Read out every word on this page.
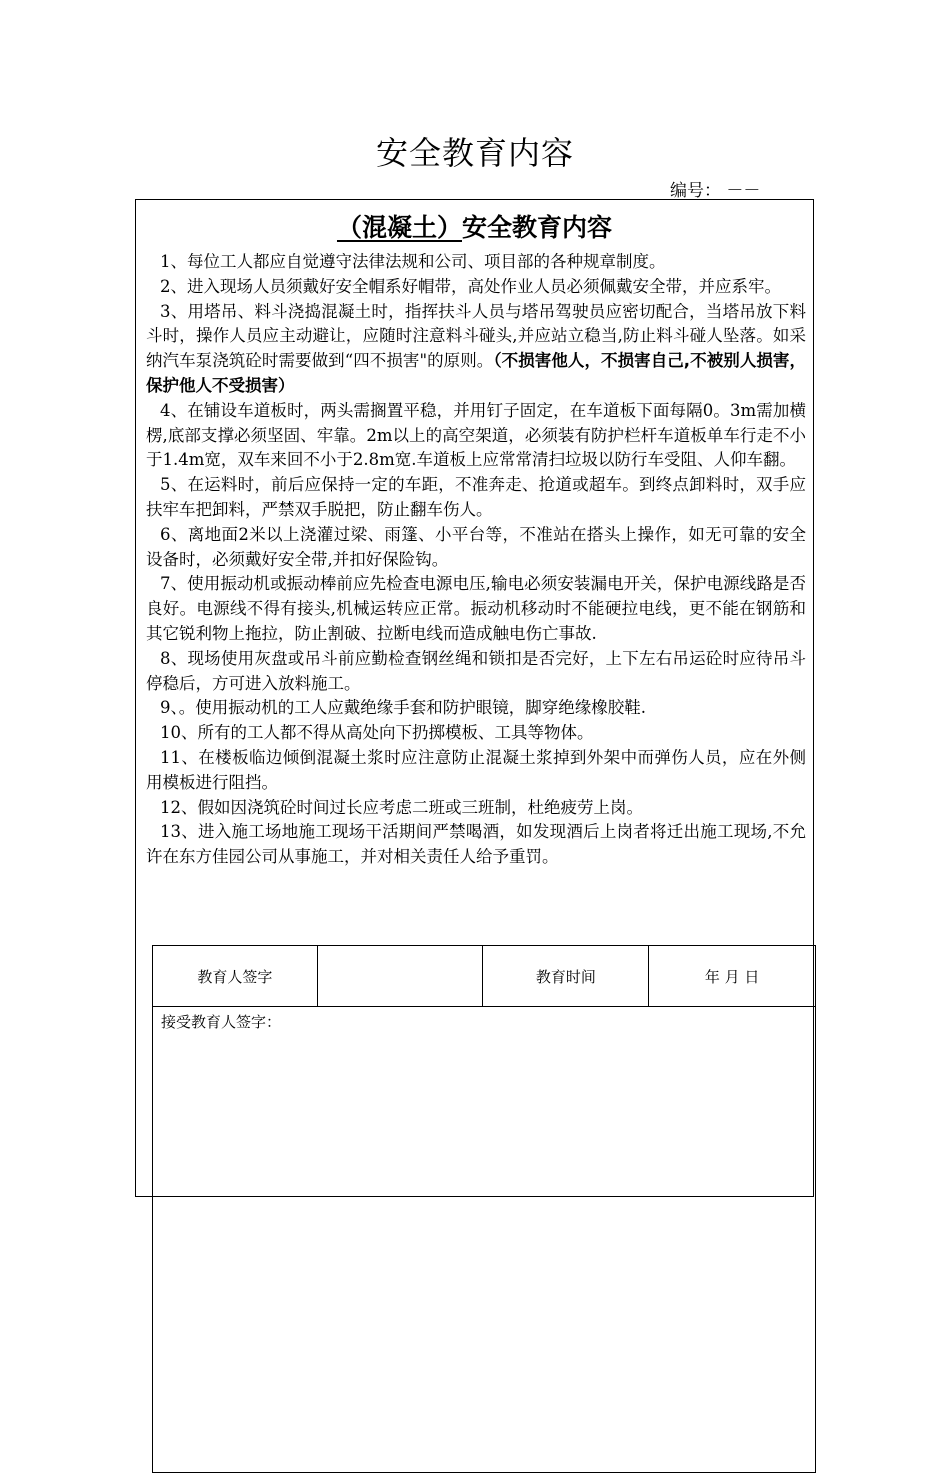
安全教育内容
编号： －－
（混凝土）安全教育内容

1、每位工人都应自觉遵守法律法规和公司、项目部的各种规章制度。

2、进入现场人员须戴好安全帽系好帽带，高处作业人员必须佩戴安全带，并应系牢。

3、用塔吊、料斗浇捣混凝土时，指挥扶斗人员与塔吊驾驶员应密切配合，当塔吊放下料斗时，操作人员应主动避让，应随时注意料斗碰头,并应站立稳当,防止料斗碰人坠落。如采纳汽车泵浇筑砼时需要做到“四不损害"的原则。（不损害他人，不损害自己,不被别人损害，保护他人不受损害）

4、在铺设车道板时，两头需搁置平稳，并用钉子固定，在车道板下面每隔0。3m需加横楞,底部支撑必须坚固、牢靠。2m以上的高空架道，必须装有防护栏杆车道板单车行走不小于1.4m宽，双车来回不小于2.8m宽.车道板上应常常清扫垃圾以防行车受阻、人仰车翻。

5、在运料时，前后应保持一定的车距，不准奔走、抢道或超车。到终点卸料时，双手应扶牢车把卸料，严禁双手脱把，防止翻车伤人。

6、离地面2米以上浇灌过梁、雨篷、小平台等，不准站在搭头上操作，如无可靠的安全设备时，必须戴好安全带,并扣好保险钩。

7、使用振动机或振动棒前应先检查电源电压,输电必须安装漏电开关，保护电源线路是否良好。电源线不得有接头,机械运转应正常。振动机移动时不能硬拉电线，更不能在钢筋和其它锐利物上拖拉，防止割破、拉断电线而造成触电伤亡事故.

8、现场使用灰盘或吊斗前应勤检查钢丝绳和锁扣是否完好，上下左右吊运砼时应待吊斗停稳后，方可进入放料施工。

9、。使用振动机的工人应戴绝缘手套和防护眼镜，脚穿绝缘橡胶鞋.

10、所有的工人都不得从高处向下扔掷模板、工具等物体。

11、在楼板临边倾倒混凝土浆时应注意防止混凝土浆掉到外架中而弹伤人员，应在外侧用模板进行阻挡。

12、假如因浇筑砼时间过长应考虑二班或三班制，杜绝疲劳上岗。

13、进入施工场地施工现场干活期间严禁喝酒，如发现酒后上岗者将迁出施工现场,不允许在东方佳园公司从事施工，并对相关责任人给予重罚。

教育人签字		教育时间	年 月 日
接受教育人签字：
